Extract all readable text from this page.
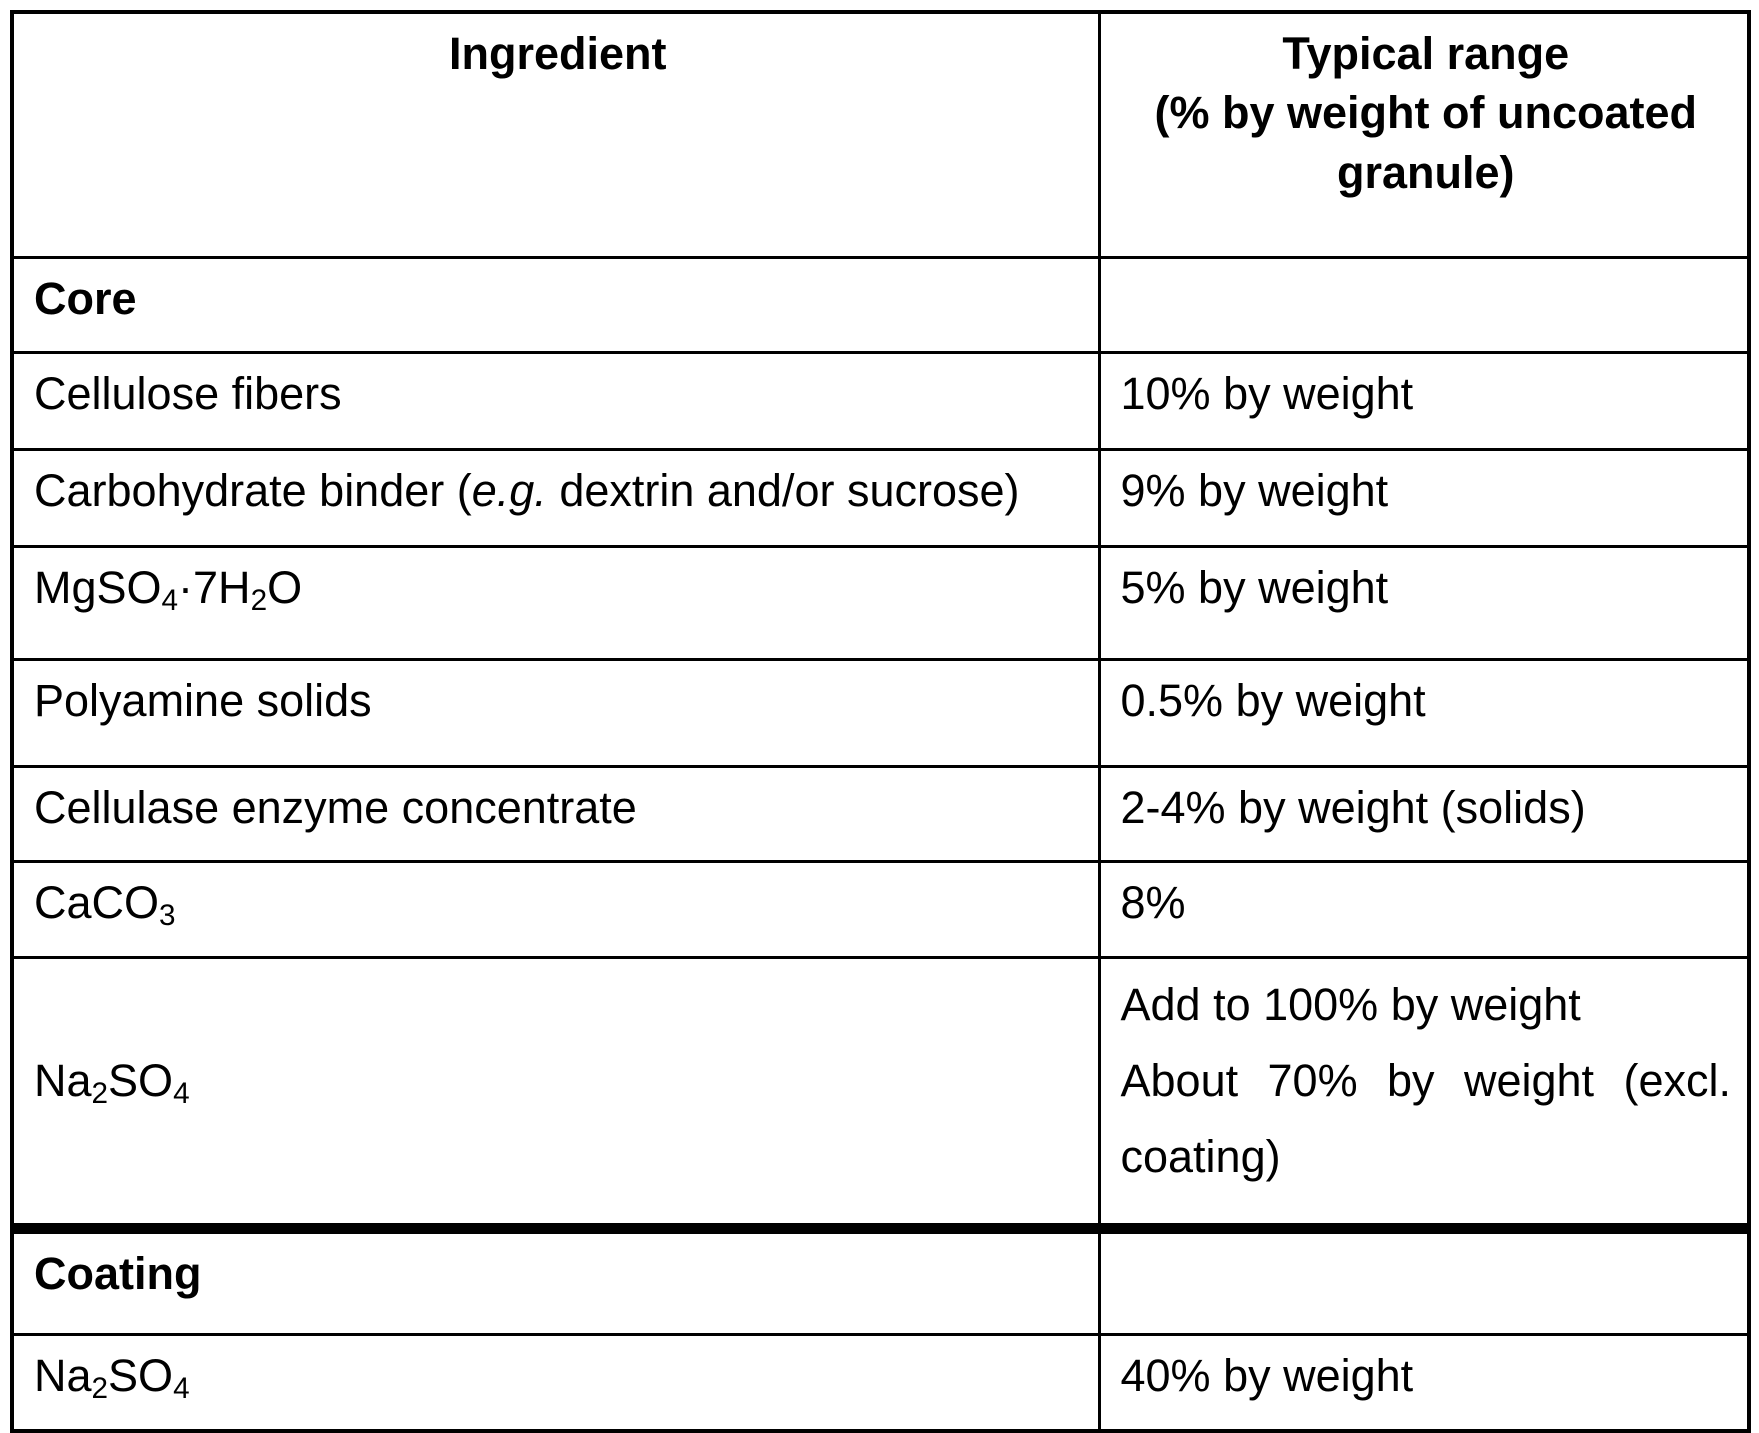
Ingredient	Typical range
(% by weight of uncoated
granule)

Core	
Cellulose fibers	10% by weight

Carbohydrate binder (e.g. dextrin and/or sucrose)	9% by weight

MgSO4·7H2O	5% by weight

Polyamine solids	0.5% by weight

Cellulase enzyme concentrate	2-4% by weight (solids)

CaCO3	8%

Na2SO4	Add to 100% by weight
About 70% by weight (excl.
coating)

Coating	
Na2SO4	40% by weight
